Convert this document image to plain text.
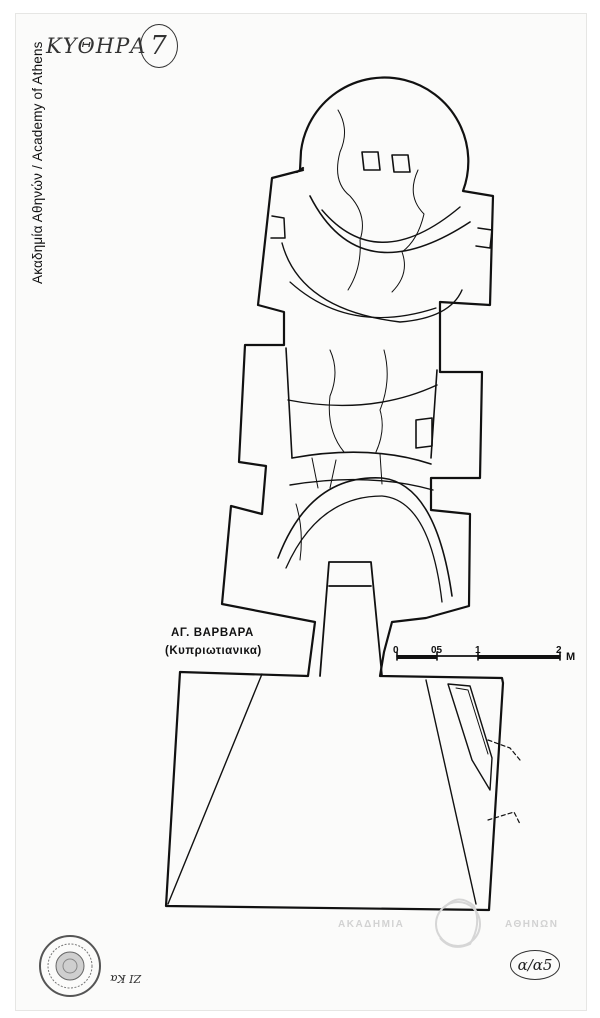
ΚΥΘΗΡΑ 7
Ακαδημία Αθηνών / Academy of Athens
ΑΓ. ΒΑΡΒΑΡΑ
(Κυπριωτιανικα)	0	05	1	2
M
ΑΚΑΔΗΜΙΑ	ΑΘΗΝΩΝ
α/α5
ΖΙ Κα
